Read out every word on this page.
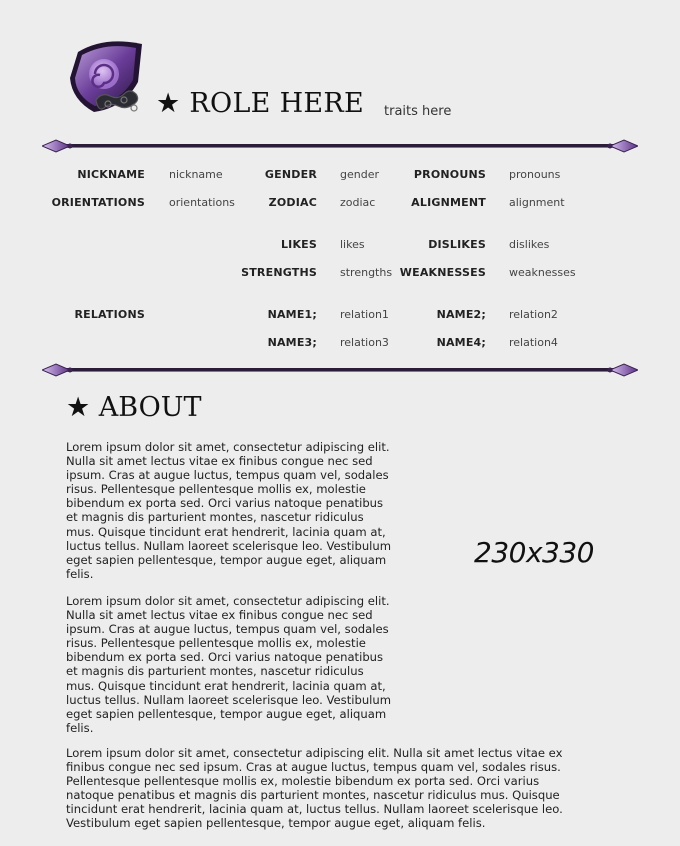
★ ROLE HERE traits here
NICKNAME nickname	GENDER gender	PRONOUNS pronouns
ORIENTATIONS orientations	ZODIAC zodiac	ALIGNMENT alignment
LIKES likes	DISLIKES dislikes
STRENGTHS strengths WEAKNESSES weaknesses
RELATIONS	NAME1; relation1	NAME2; relation2
NAME3; relation3	NAME4; relation4
★ ABOUT
Lorem ipsum dolor sit amet, consectetur adipiscing elit. Nulla sit amet lectus vitae ex finibus congue nec sed ipsum. Cras at augue luctus, tempus quam vel, sodales risus. Pellentesque pellentesque mollis ex, molestie bibendum ex porta sed. Orci varius natoque penatibus et magnis dis parturient montes, nascetur ridiculus mus. Quisque tincidunt erat hendrerit, lacinia quam at, luctus tellus. Nullam laoreet scelerisque leo. Vestibulum eget sapien pellentesque, tempor augue eget, aliquam felis.
Lorem ipsum dolor sit amet, consectetur adipiscing elit. Nulla sit amet lectus vitae ex finibus congue nec sed ipsum. Cras at augue luctus, tempus quam vel, sodales risus. Pellentesque pellentesque mollis ex, molestie bibendum ex porta sed. Orci varius natoque penatibus et magnis dis parturient montes, nascetur ridiculus mus. Quisque tincidunt erat hendrerit, lacinia quam at, luctus tellus. Nullam laoreet scelerisque leo. Vestibulum eget sapien pellentesque, tempor augue eget, aliquam felis.
Lorem ipsum dolor sit amet, consectetur adipiscing elit. Nulla sit amet lectus vitae ex finibus congue nec sed ipsum. Cras at augue luctus, tempus quam vel, sodales risus. Pellentesque pellentesque mollis ex, molestie bibendum ex porta sed. Orci varius natoque penatibus et magnis dis parturient montes, nascetur ridiculus mus. Quisque tincidunt erat hendrerit, lacinia quam at, luctus tellus. Nullam laoreet scelerisque leo. Vestibulum eget sapien pellentesque, tempor augue eget, aliquam felis.
230x330
